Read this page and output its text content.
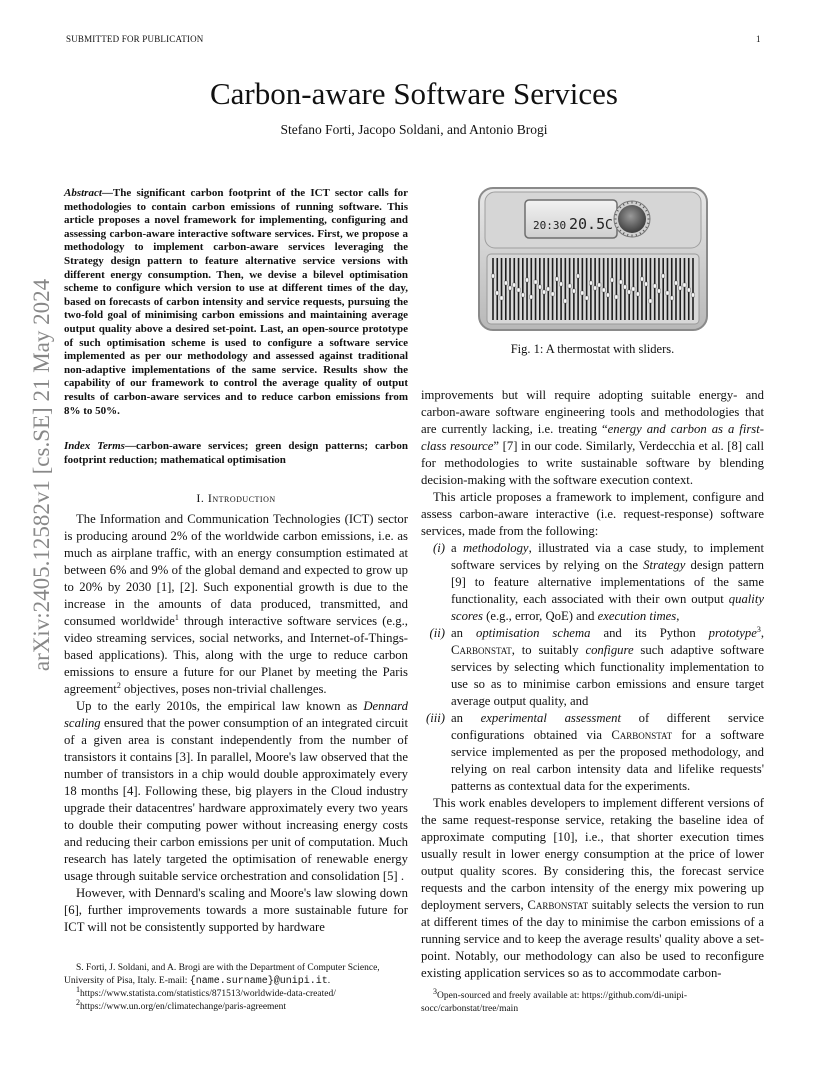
SUBMITTED FOR PUBLICATION	1
Carbon-aware Software Services
Stefano Forti, Jacopo Soldani, and Antonio Brogi
arXiv:2405.12582v1 [cs.SE] 21 May 2024
Abstract—The significant carbon footprint of the ICT sector calls for methodologies to contain carbon emissions of running software. This article proposes a novel framework for implementing, configuring and assessing carbon-aware interactive software services. First, we propose a methodology to implement carbon-aware services leveraging the Strategy design pattern to feature alternative service versions with different energy consumption. Then, we devise a bilevel optimisation scheme to configure which version to use at different times of the day, based on forecasts of carbon intensity and service requests, pursuing the two-fold goal of minimising carbon emissions and maintaining average output quality above a desired set-point. Last, an open-source prototype of such optimisation scheme is used to configure a software service implemented as per our methodology and assessed against traditional non-adaptive implementations of the same service. Results show the capability of our framework to control the average quality of output results of carbon-aware services and to reduce carbon emissions from 8% to 50%.
Index Terms—carbon-aware services; green design patterns; carbon footprint reduction; mathematical optimisation
I. Introduction

The Information and Communication Technologies (ICT) sector is producing around 2% of the worldwide carbon emissions, i.e. as much as airplane traffic, with an energy consumption estimated at between 6% and 9% of the global demand and expected to grow up to 20% by 2030 [1], [2]. Such exponential growth is due to the increase in the amounts of data produced, transmitted, and consumed worldwide$^1$ through interactive software services (e.g., video streaming services, social networks, and Internet-of-Things-based applications). This, along with the urge to reduce carbon emissions to ensure a future for our Planet by meeting the Paris agreement$^2$ objectives, poses non-trivial challenges.

Up to the early 2010s, the empirical law known as Dennard scaling ensured that the power consumption of an integrated circuit of a given area is constant independently from the number of transistors it contains [3]. In parallel, Moore's law observed that the number of transistors in a chip would double approximately every 18 months [4]. Following these, big players in the Cloud industry upgrade their datacentres' hardware approximately every two years to double their computing power without increasing energy costs and reducing their carbon emissions per unit of computation. Much research has lately targeted the optimisation of renewable energy usage through suitable service orchestration and consolidation [5] .

However, with Dennard's scaling and Moore's law slowing down [6], further improvements towards a more sustainable future for ICT will not be consistently supported by hardware

S. Forti, J. Soldani, and A. Brogi are with the Department of Computer Science, University of Pisa, Italy. E-mail: {name.surname}@unipi.it.
$^1$https://www.statista.com/statistics/871513/worldwide-data-created/
$^2$https://www.un.org/en/climatechange/paris-agreement
20:30 20.5 C
Fig. 1: A thermostat with sliders.

improvements but will require adopting suitable energy- and carbon-aware software engineering tools and methodologies that are currently lacking, i.e. treating “energy and carbon as a first-class resource” [7] in our code. Similarly, Verdecchia et al. [8] call for methodologies to write sustainable software by blending decision-making with the software execution context.

This article proposes a framework to implement, configure and assess carbon-aware interactive (i.e. request-response) software services, made from the following:

(i) a methodology, illustrated via a case study, to implement software services by relying on the Strategy design pattern [9] to feature alternative implementations of the same functionality, each associated with their own output quality scores (e.g., error, QoE) and execution times,
(ii) an optimisation schema and its Python prototype$^3$, Carbonstat, to suitably configure such adaptive software services by selecting which functionality implementation to use so as to minimise carbon emissions and ensure target average output quality, and
(iii) an experimental assessment of different service configurations obtained via Carbonstat for a software service implemented as per the proposed methodology, and relying on real carbon intensity data and lifelike requests' patterns as contextual data for the experiments.

This work enables developers to implement different versions of the same request-response service, retaking the baseline idea of approximate computing [10], i.e., that shorter execution times usually result in lower energy consumption at the price of lower output quality scores. By considering this, the forecast service requests and the carbon intensity of the energy mix powering up deployment servers, Carbonstat suitably selects the version to run at different times of the day to minimise the carbon emissions of a running service and to keep the average results' quality above a set-point. Notably, our methodology can also be used to reconfigure existing application services so as to accommodate carbon-

$^3$Open-sourced and freely available at: https://github.com/di-unipi-socc/carbonstat/tree/main
